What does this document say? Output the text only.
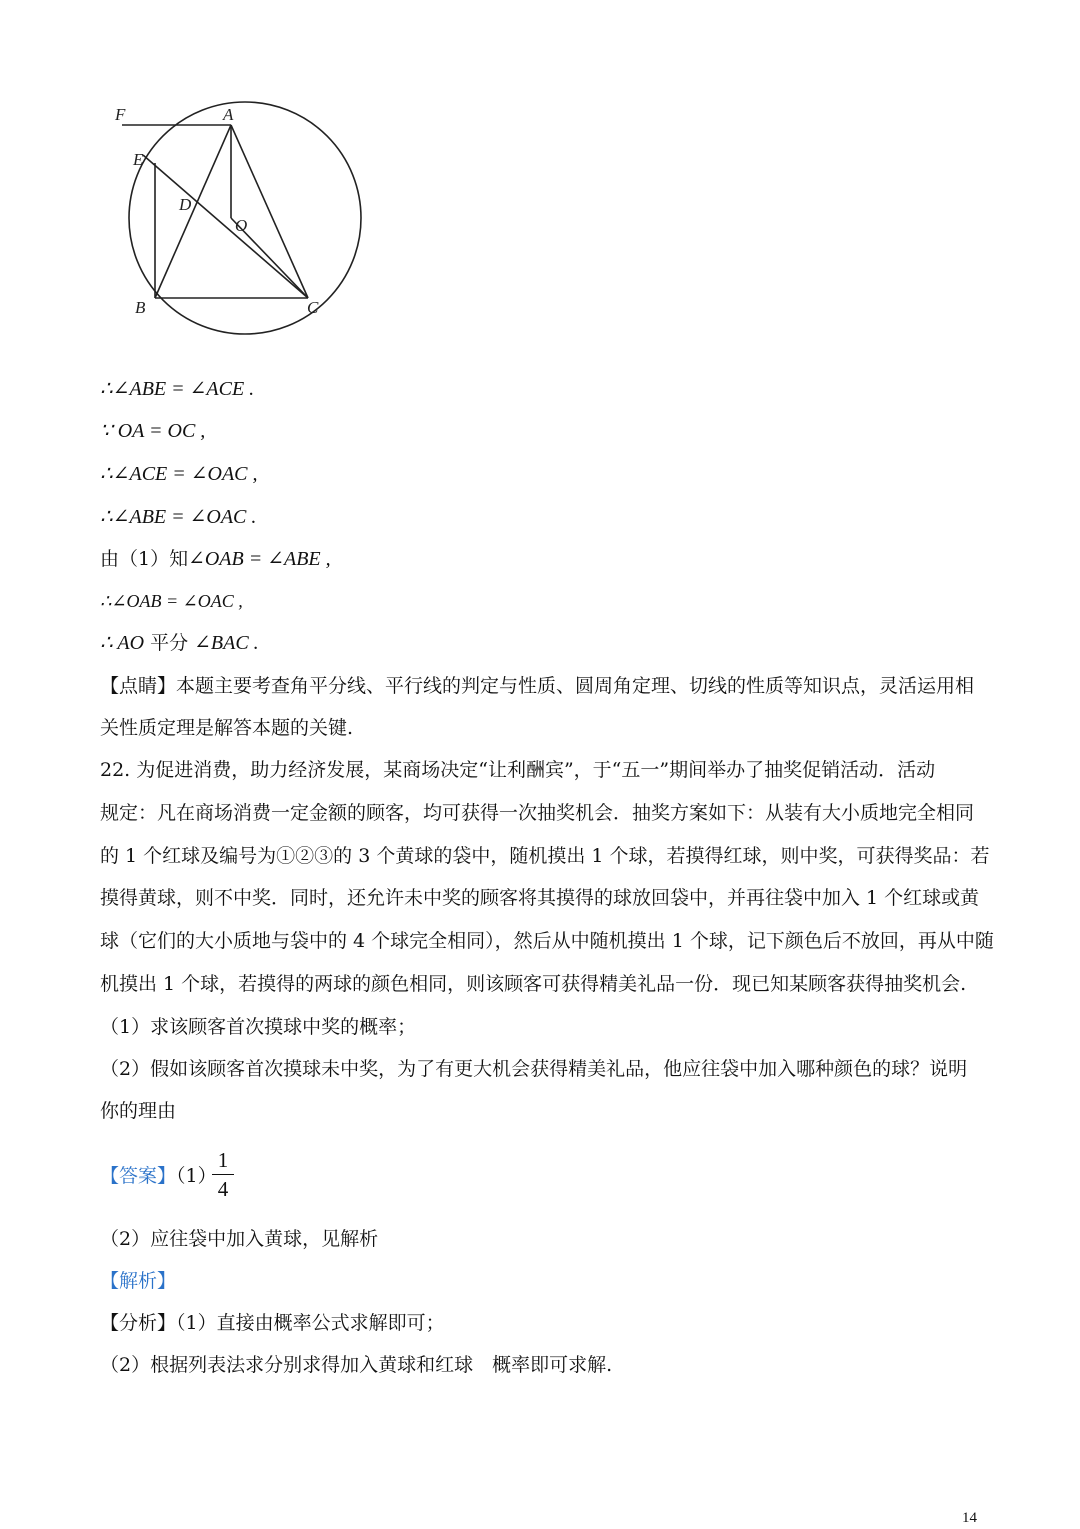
F	A
E
D
O
B	C
∴∠ABE = ∠ACE .
∵ OA = OC ,
∴∠ACE = ∠OAC ,
∴∠ABE = ∠OAC .
由（1）知∠OAB = ∠ABE ,
∴∠OAB = ∠OAC ,
∴ AO 平分 ∠BAC .
【点睛】本题主要考查角平分线、平行线的判定与性质、圆周角定理、切线的性质等知识点，灵活运用相
关性质定理是解答本题的关键.
22. 为促进消费，助力经济发展，某商场决定“让利酬宾”，于“五一”期间举办了抽奖促销活动．活动
规定：凡在商场消费一定金额的顾客，均可获得一次抽奖机会．抽奖方案如下：从装有大小质地完全相同
的 1 个红球及编号为①②③的 3 个黄球的袋中，随机摸出 1 个球，若摸得红球，则中奖，可获得奖品：若
摸得黄球，则不中奖．同时，还允许未中奖的顾客将其摸得的球放回袋中，并再往袋中加入 1 个红球或黄
球（它们的大小质地与袋中的 4 个球完全相同），然后从中随机摸出 1 个球，记下颜色后不放回，再从中随
机摸出 1 个球，若摸得的两球的颜色相同，则该顾客可获得精美礼品一份．现已知某顾客获得抽奖机会.
（1）求该顾客首次摸球中奖的概率；
（2）假如该顾客首次摸球未中奖，为了有更大机会获得精美礼品，他应往袋中加入哪种颜色的球？说明
你的理由
【答案】（1）
1
4
（2）应往袋中加入黄球，见解析
【解析】
【分析】（1）直接由概率公式求解即可；
（2）根据列表法求分别求得加入黄球和红球　概率即可求解.
14
